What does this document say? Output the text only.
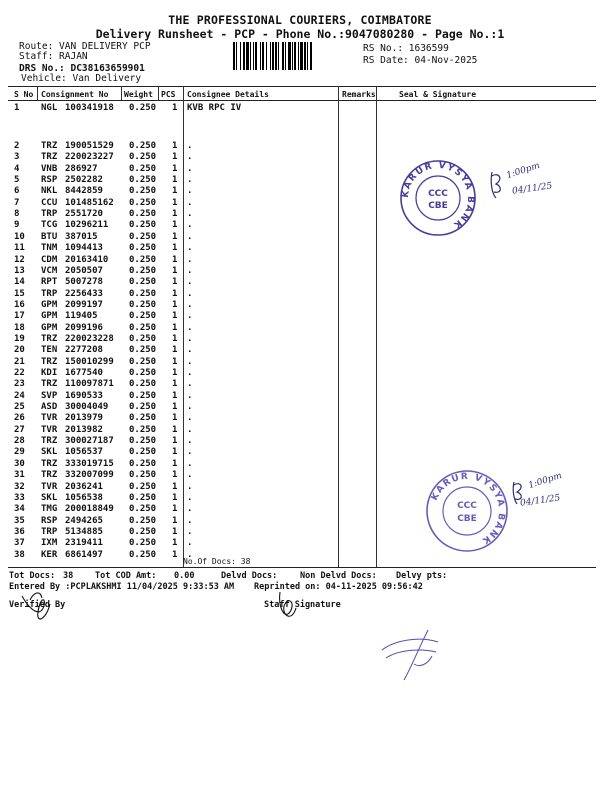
THE PROFESSIONAL COURIERS, COIMBATORE
Delivery Runsheet - PCP - Phone No.:9047080280 - Page No.:1
Route: VAN DELIVERY PCP
Staff: RAJAN
DRS No.: DC38163659901
Vehicle: Van Delivery
RS No.: 1636599
RS Date: 04-Nov-2025
S No Consignment No Weight PCS Consignee Details	Remarks	Seal & Signature
1 NGL 100341918 0.250 1 KVB RPC IV
2 TRZ 190051529 0.250 1 .
3 TRZ 220023227 0.250 1 .
4 VNB 286927	0.250 1 .
5 RSP 2502282	0.250 1 .
6 NKL 8442859	0.250 1 .
7 CCU 101485162 0.250 1 .
8 TRP 2551720	0.250 1 .
9 TCG 10296211 0.250 1 .
10 BTU 387015	0.250 1 .
11 TNM 1094413	0.250 1 .
12 CDM 20163410 0.250 1 .
13 VCM 2050507	0.250 1 .
14 RPT 5007278	0.250 1 .
15 TRP 2256433	0.250 1 .
16 GPM 2099197	0.250 1 .
17 GPM 119405	0.250 1 .
18 GPM 2099196	0.250 1 .
19 TRZ 220023228 0.250 1 .
20 TEN 2277208	0.250 1 .
21 TRZ 150010299 0.250 1 .
22 KDI 1677540	0.250 1 .
23 TRZ 110097871 0.250 1 .
24 SVP 1690533	0.250 1 .
25 ASD 30004049 0.250 1 .
26 TVR 2013979	0.250 1 .
27 TVR 2013982	0.250 1 .
28 TRZ 300027187 0.250 1 .
29 SKL 1056537	0.250 1 .
30 TRZ 333019715 0.250 1 .
31 TRZ 332007099 0.250 1 .
32 TVR 2036241	0.250 1 .
33 SKL 1056538	0.250 1 .
34 TMG 200018849 0.250 1 .
35 RSP 2494265	0.250 1 .
36 TRP 5134885	0.250 1 .
37 IXM 2319411	0.250 1 .
38 KER 6861497	0.250 1 .
No.Of Docs: 38
Tot Docs: 38	Tot COD Amt: 0.00	Delvd Docs:	Non Delvd Docs: Delvy pts:
Entered By :PCPLAKSHMI 11/04/2025 9:33:53 AM Reprinted on: 04-11-2025 09:56:42
Verified By	Staff Signature
KARUR VYSYA BANK
CCC
CBE
1:00pm
04/11/25
KARUR VYSYA BANK
CCC
CBE
1:00pm
04/11/25
